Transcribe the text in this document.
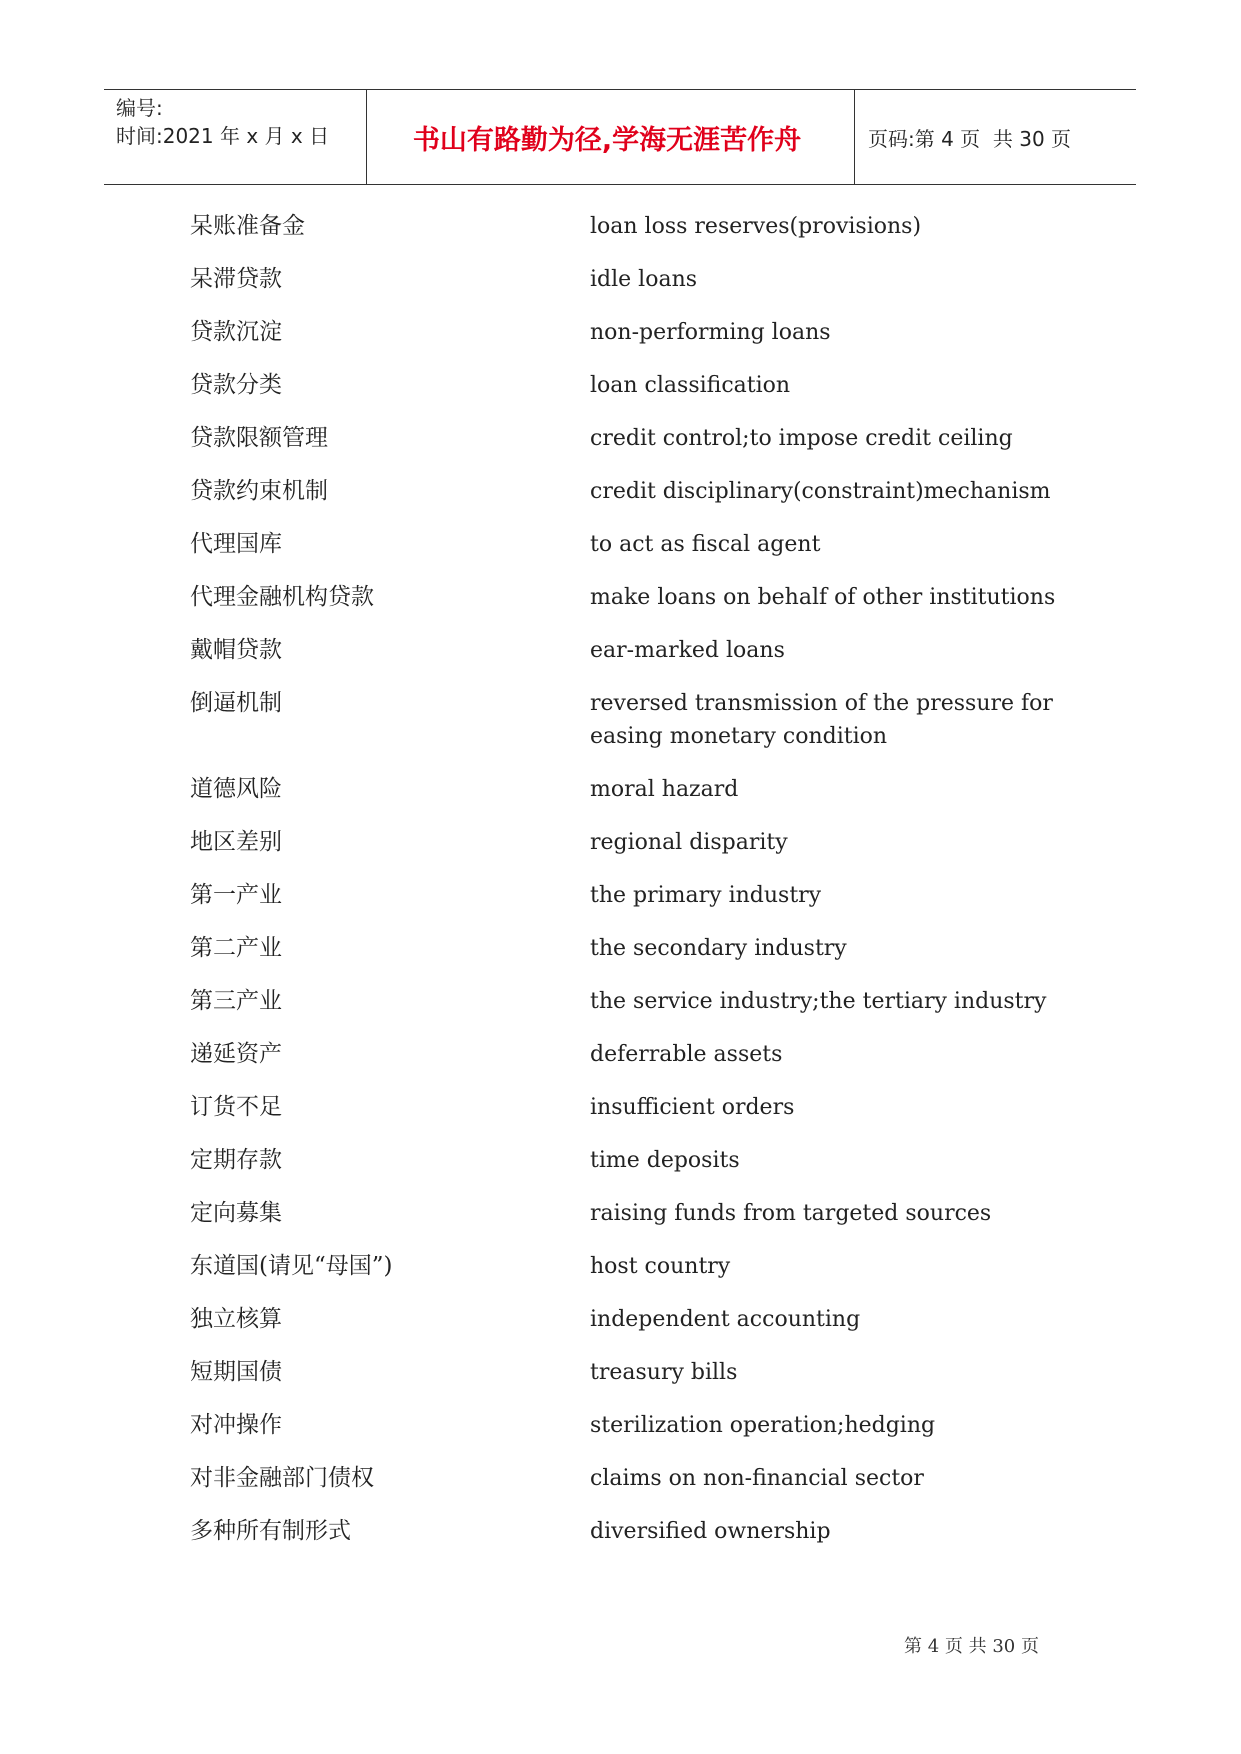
编号:
时间:2021 年 x 月 x 日	书山有路勤为径,学海无涯苦作舟	页码:第 4 页  共 30 页
呆账准备金	loan loss reserves(provisions)
呆滞贷款	idle loans
贷款沉淀	non-performing loans
贷款分类	loan classification
贷款限额管理	credit control;to impose credit ceiling
贷款约束机制	credit disciplinary(constraint)mechanism
代理国库	to act as fiscal agent
代理金融机构贷款	make loans on behalf of other institutions
戴帽贷款	ear-marked loans
倒逼机制	reversed transmission of the pressure for easing monetary condition
道德风险	moral hazard
地区差别	regional disparity
第一产业	the primary industry
第二产业	the secondary industry
第三产业	the service industry;the tertiary industry
递延资产	deferrable assets
订货不足	insufficient orders
定期存款	time deposits
定向募集	raising funds from targeted sources
东道国(请见“母国”)	host country
独立核算	independent accounting
短期国债	treasury bills
对冲操作	sterilization operation;hedging
对非金融部门债权	claims on non-financial sector
多种所有制形式	diversified ownership
第 4 页 共 30 页
